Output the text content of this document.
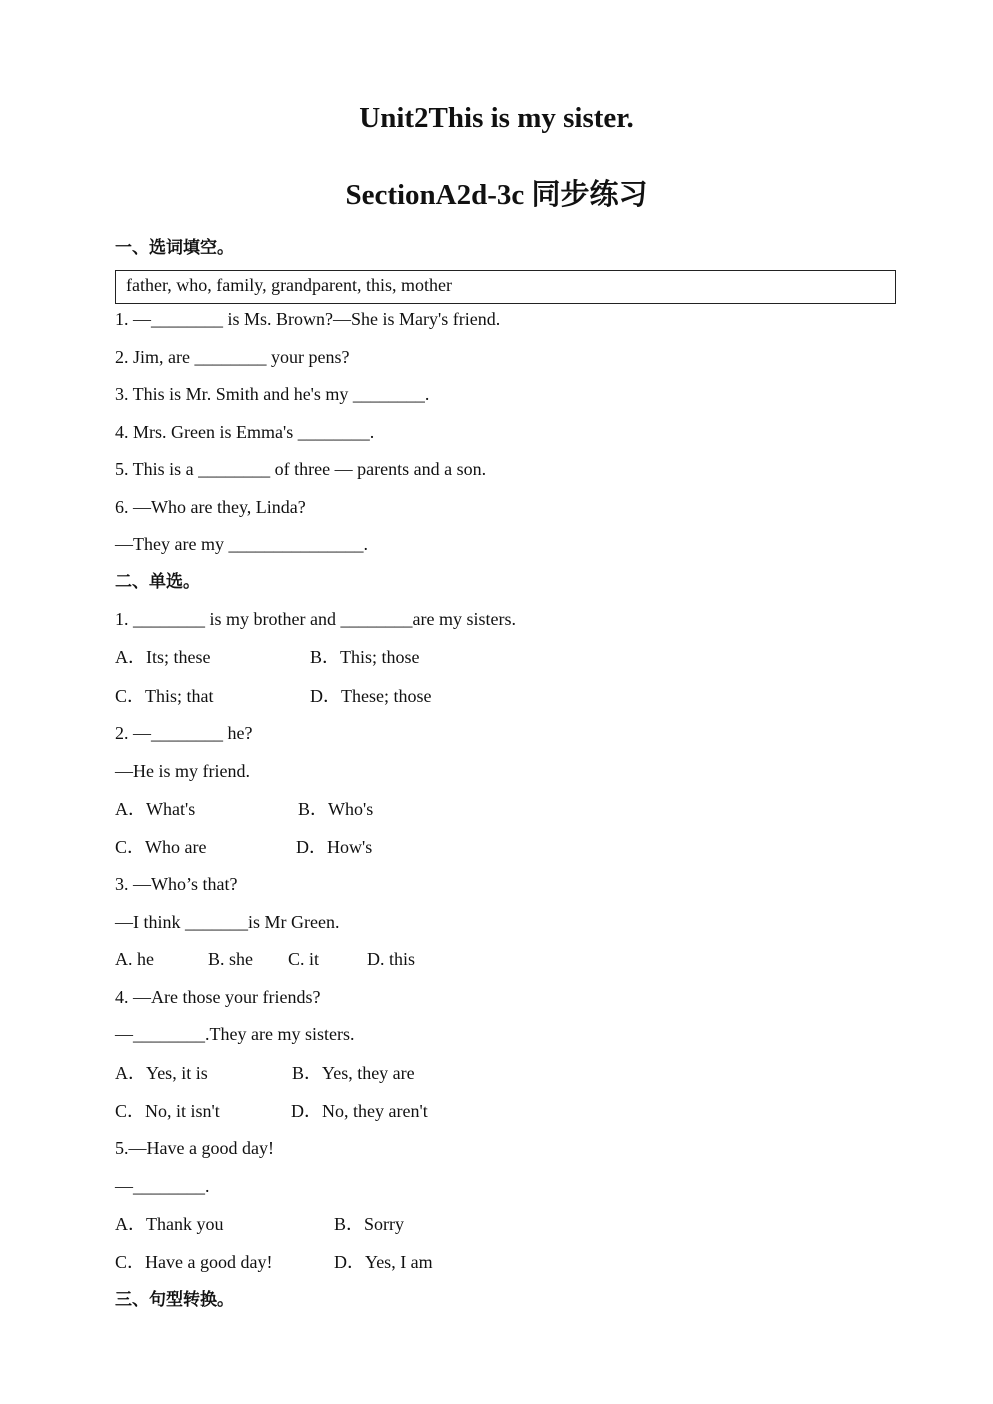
Unit2This is my sister.
SectionA2d-3c 同步练习
一、选词填空。
father, who, family, grandparent, this, mother
1. —________ is Ms. Brown?—She is Mary's friend.
2. Jim, are ________ your pens?
3. This is Mr. Smith and he's my ________.
4. Mrs. Green is Emma's ________.
5. This is a ________ of three — parents and a son.
6. —Who are they, Linda?
—They are my _______________.
二、单选。
1. ________ is my brother and ________are my sisters.
A．Its; these	B．This; those
C．This; that	D．These; those
2. —________ he?
—He is my friend.
A．What's	B．Who's
C．Who are	D．How's
3. —Who’s that?
—I think _______is Mr Green.
A. he	B. she C. it	D. this
4. —Are those your friends?
—________.They are my sisters.
A．Yes, it is	B．Yes, they are
C．No, it isn't	D．No, they aren't
5.—Have a good day!
—________.
A．Thank you	B．Sorry
C．Have a good day!	D．Yes, I am
三、句型转换。
